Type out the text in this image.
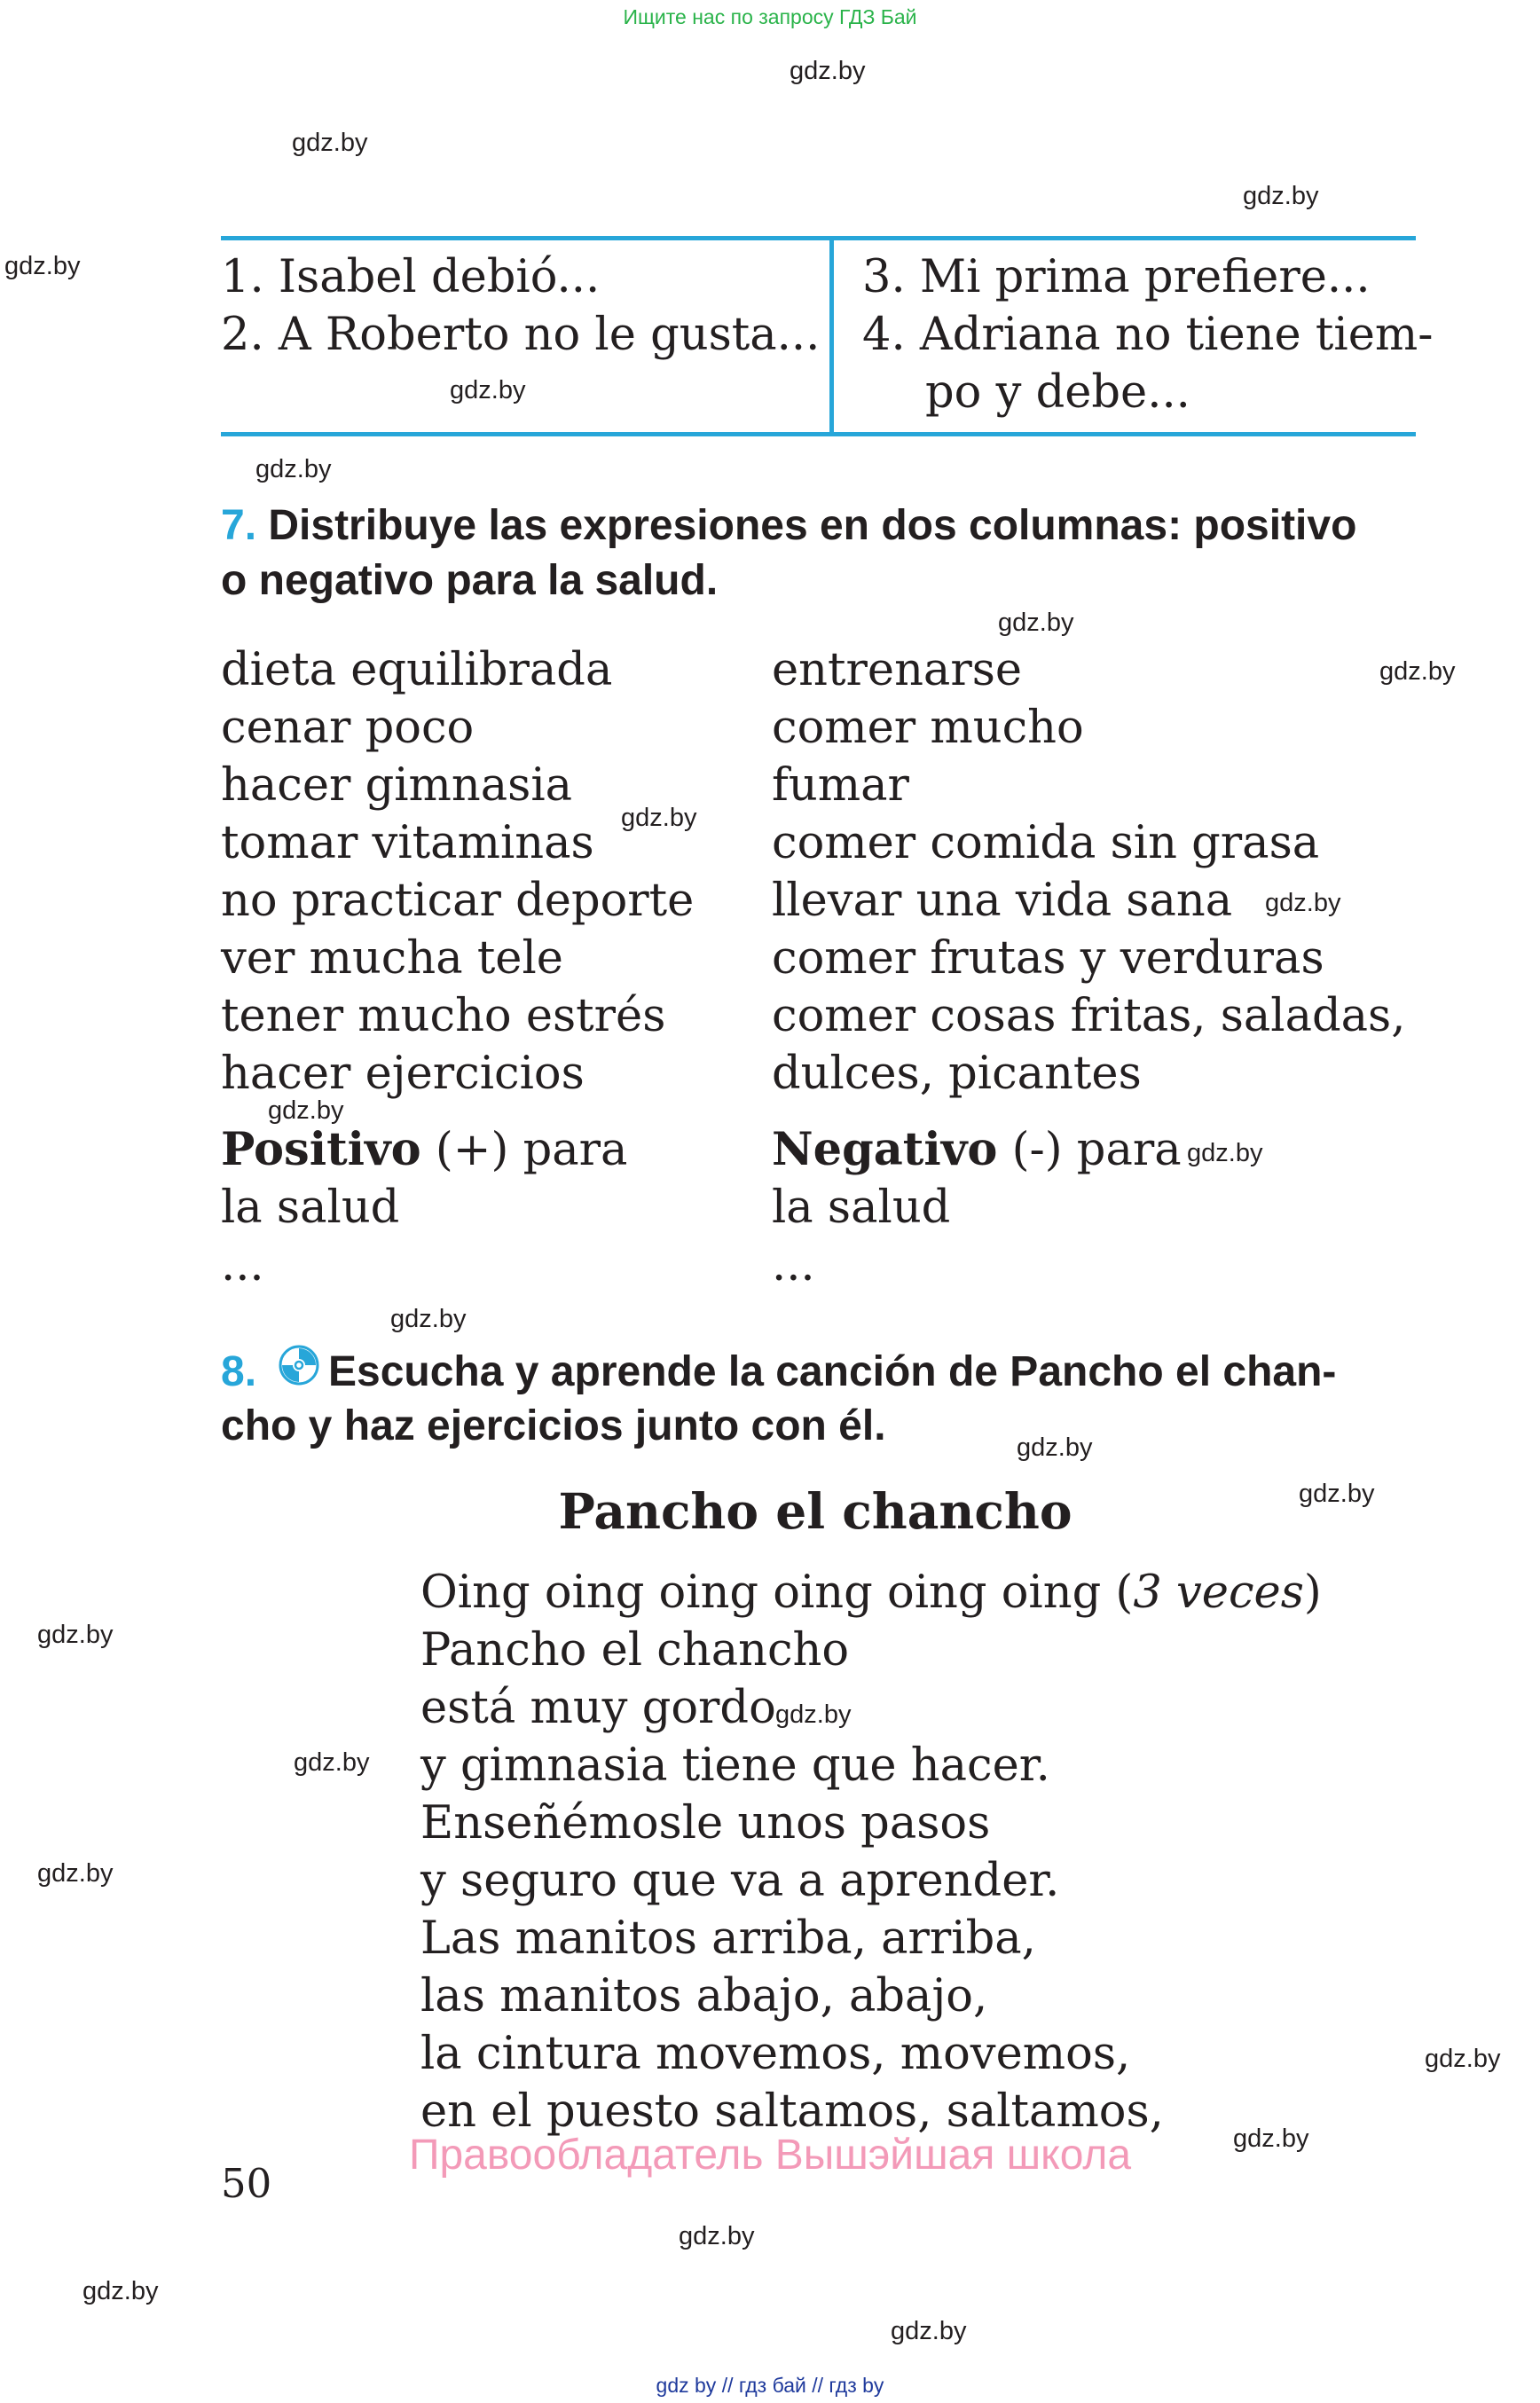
Ищите нас по запросу ГДЗ Бай
gdz.by
gdz.by
gdz.by
gdz.by
gdz.by
gdz.by
gdz.by
gdz.by
gdz.by
gdz.by
gdz.by
gdz.by
gdz.by
gdz.by
gdz.by
gdz.by
gdz.by
gdz.by
gdz.by
gdz.by
gdz.by
gdz.by
gdz.by
gdz.by
1. Isabel debió...
2. A Roberto no le gusta...
3. Mi prima prefiere...
4. Adriana no tiene tiem-
po y debe...
7. Distribuye las expresiones en dos columnas: positivo
o negativo para la salud.
dieta equilibrada
cenar poco
hacer gimnasia
tomar vitaminas
no practicar deporte
ver mucha tele
tener mucho estrés
hacer ejercicios
entrenarse
comer mucho
fumar
comer comida sin grasa
llevar una vida sana
comer frutas y verduras
comer cosas fritas, saladas,
dulces, picantes
Positivo (+) para
la salud
...
Negativo (-) para
la salud
...
8. Escucha y aprende la canción de Pancho el chan-
cho y haz ejercicios junto con él.
Pancho el chancho
Oing oing oing oing oing oing (3 veces)
Pancho el chancho
está muy gordo
y gimnasia tiene que hacer.
Enseñémosle unos pasos
y seguro que va a aprender.
Las manitos arriba, arriba,
las manitos abajo, abajo,
la cintura movemos, movemos,
en el puesto saltamos, saltamos,
Правообладатель Вышэйшая школа
50
gdz by // гдз бай // гдз by
